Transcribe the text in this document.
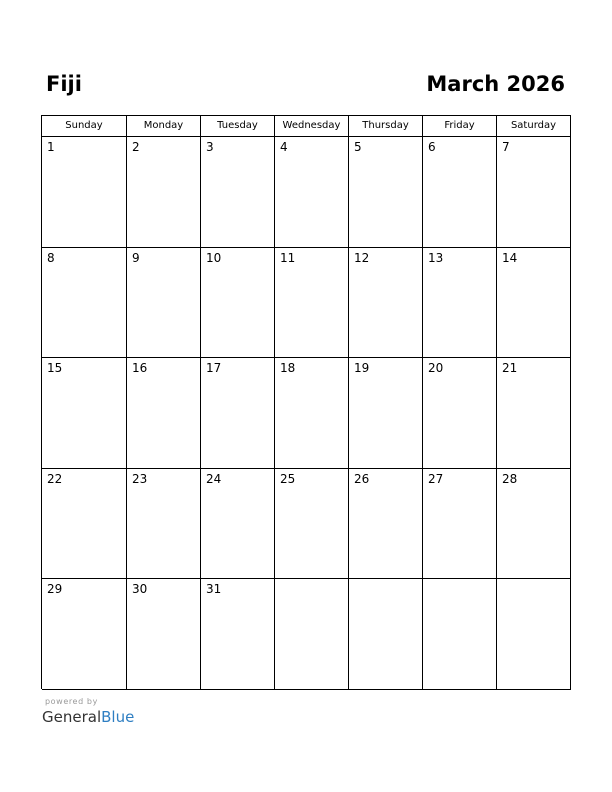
Fiji	March 2026
Sunday	Monday	Tuesday	Wednesday	Thursday	Friday	Saturday
1	2	3	4	5	6	7
8	9	10	11	12	13	14
15	16	17	18	19	20	21
22	23	24	25	26	27	28
29	30	31
powered by
GeneralBlue
